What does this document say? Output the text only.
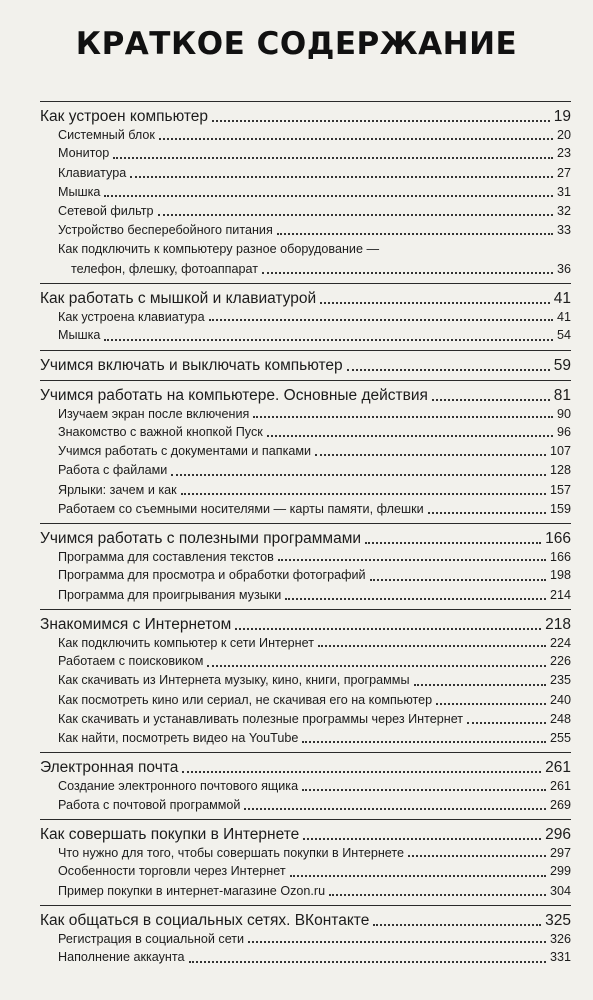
КРАТКОЕ СОДЕРЖАНИЕ
Как устроен компьютер	19
Системный блок	20
Монитор	23
Клавиатура	27
Мышка	31
Сетевой фильтр	32
Устройство бесперебойного питания	33
Как подключить к компьютеру разное оборудование —
телефон, флешку, фотоаппарат	36
Как работать с мышкой и клавиатурой	41
Как устроена клавиатура	41
Мышка	54
Учимся включать и выключать компьютер	59
Учимся работать на компьютере. Основные действия	81
Изучаем экран после включения	90
Знакомство с важной кнопкой Пуск	96
Учимся работать с документами и папками	107
Работа с файлами	128
Ярлыки: зачем и как	157
Работаем со съемными носителями — карты памяти, флешки	159
Учимся работать с полезными программами	166
Программа для составления текстов	166
Программа для просмотра и обработки фотографий	198
Программа для проигрывания музыки	214
Знакомимся с Интернетом	218
Как подключить компьютер к сети Интернет	224
Работаем с поисковиком	226
Как скачивать из Интернета музыку, кино, книги, программы	235
Как посмотреть кино или сериал, не скачивая его на компьютер	240
Как скачивать и устанавливать полезные программы через Интернет	248
Как найти, посмотреть видео на YouTube	255
Электронная почта	261
Создание электронного почтового ящика	261
Работа с почтовой программой	269
Как совершать покупки в Интернете	296
Что нужно для того, чтобы совершать покупки в Интернете	297
Особенности торговли через Интернет	299
Пример покупки в интернет-магазине Ozon.ru	304
Как общаться в социальных сетях. ВКонтакте	325
Регистрация в социальной сети	326
Наполнение аккаунта	331
